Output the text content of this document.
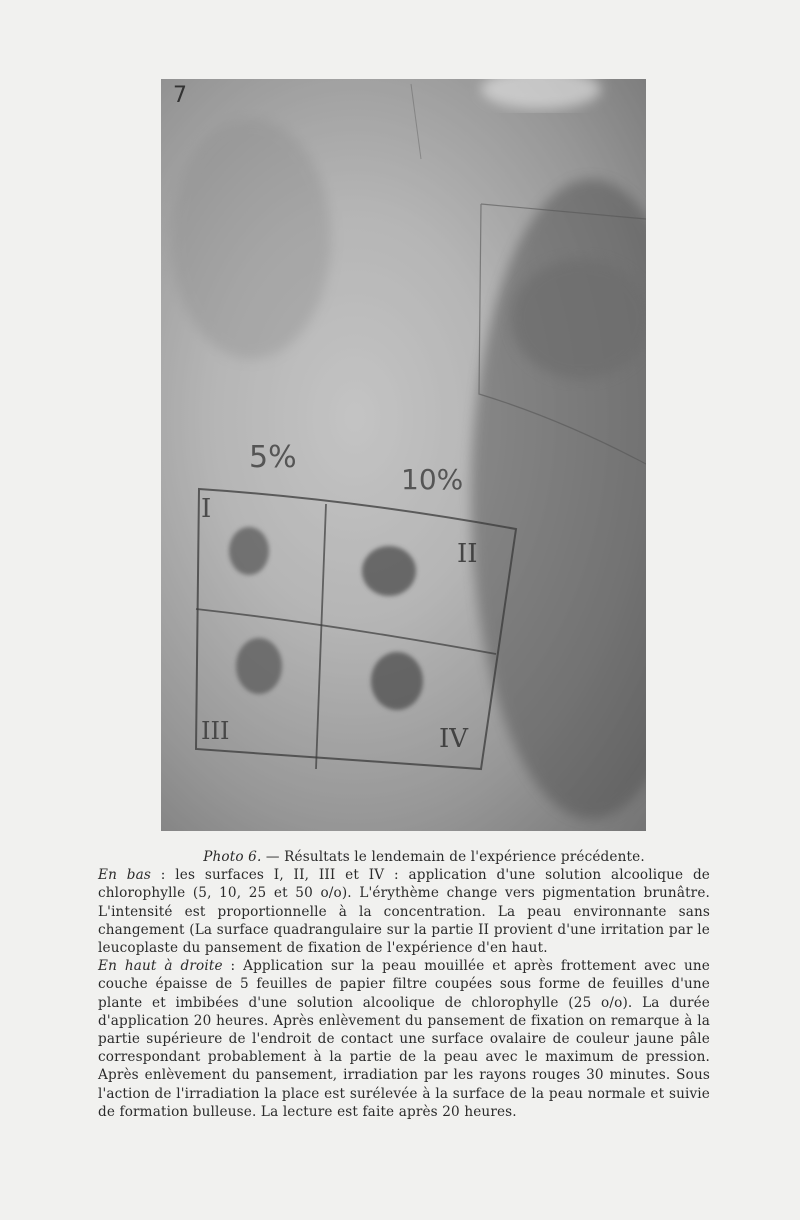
5%
10%
I
II
III	IV
7

Photo 6. — Résultats le lendemain de l'expérience précédente.

En bas : les surfaces I, II, III et IV : application d'une solution alcoolique de chlorophylle (5, 10, 25 et 50 o/o). L'érythème change vers pigmentation brunâtre. L'intensité est proportionnelle à la concentration. La peau environnante sans changement (La surface quadrangulaire sur la partie II provient d'une irritation par le leucoplaste du pansement de fixation de l'expérience d'en haut.

En haut à droite : Application sur la peau mouillée et après frottement avec une couche épaisse de 5 feuilles de papier filtre coupées sous forme de feuilles d'une plante et imbibées d'une solution alcoolique de chlorophylle (25 o/o). La durée d'application 20 heures. Après enlèvement du pansement de fixation on remarque à la partie supérieure de l'endroit de contact une surface ovalaire de couleur jaune pâle correspondant probablement à la partie de la peau avec le maximum de pression. Après enlèvement du pansement, irradiation par les rayons rouges 30 minutes. Sous l'action de l'irradiation la place est surélevée à la surface de la peau normale et suivie de formation bulleuse. La lecture est faite après 20 heures.
